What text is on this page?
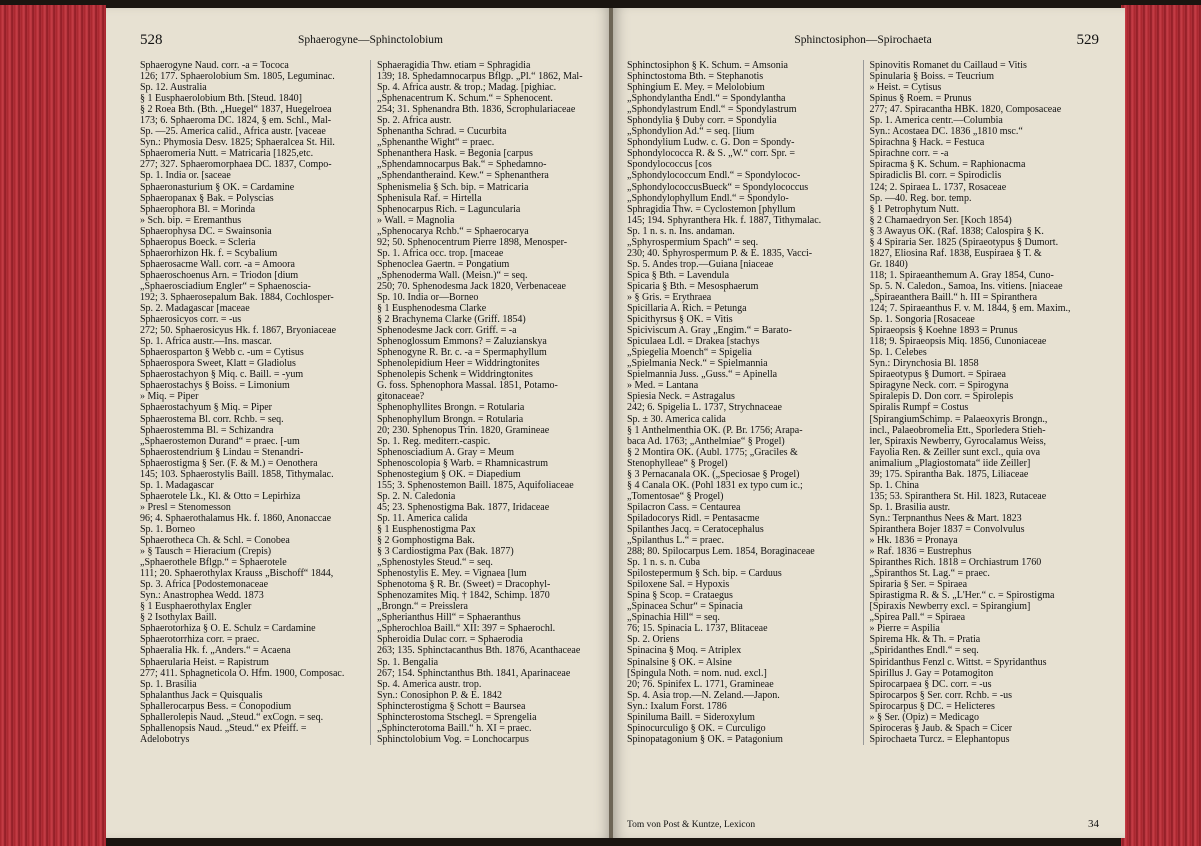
528	Sphaerogyne—Sphinctolobium
Sphaerogyne Naud. corr. -a = Tococa
126; 177. Sphaerolobium Sm. 1805, Leguminac.
Sp. 12. Australia
§ 1 Eusphaerolobium Bth. [Steud. 1840]
§ 2 Roea Bth. (Bth. „Huegel“ 1837, Huegelroea
173; 6. Sphaeroma DC. 1824, § em. Schl., Mal-
Sp. —25. America calid., Africa austr. [vaceae
Syn.: Phymosia Desv. 1825; Sphaeralcea St. Hil.
Sphaeromeria Nutt. = Matricaria [1825,etc.
277; 327. Sphaeromorphaea DC. 1837, Compo-
Sp. 1. India or. [saceae
Sphaeronasturium § OK. = Cardamine
Sphaeropanax § Bak. = Polyscias
Sphaerophora Bl. = Morinda
» Sch. bip. = Eremanthus
Sphaerophysa DC. = Swainsonia
Sphaeropus Boeck. = Scleria
Sphaerorhizon Hk. f. = Scybalium
Sphaerosacme Wall. corr. -a = Amoora
Sphaeroschoenus Arn. = Triodon [dium
„Sphaerosciadium Engler“ = Sphaenoscia-
192; 3. Sphaerosepalum Bak. 1884, Cochlosper-
Sp. 2. Madagascar [maceae
Sphaerosicyos corr. = -us
272; 50. Sphaerosicyus Hk. f. 1867, Bryoniaceae
Sp. 1. Africa austr.—Ins. mascar.
Sphaerosparton § Webb c. -um = Cytisus
Sphaerospora Sweet, Klatt = Gladiolus
Sphaerostachyon § Miq. c. Baill. = -yum
Sphaerostachys § Boiss. = Limonium
» Miq. = Piper
Sphaerostachyum § Miq. = Piper
Sphaerostema Bl. corr. Rchb. = seq.
Sphaerostemma Bl. = Schizandra
„Sphaerostemon Durand“ = praec. [-um
Sphaerostendrium § Lindau = Stenandri-
Sphaerostigma § Ser. (F. & M.) = Oenothera
145; 103. Sphaerostylis Baill. 1858, Tithymalac.
Sp. 1. Madagascar
Sphaerotele Lk., Kl. & Otto = Lepirhiza
» Presl = Stenomesson
96; 4. Sphaerothalamus Hk. f. 1860, Anonaccae
Sp. 1. Borneo
Sphaerotheca Ch. & Schl. = Conobea
» § Tausch = Hieracium (Crepis)
„Sphaerothele Bflgp.“ = Sphaerotele
111; 20. Sphaerothylax Krauss „Bischoff“ 1844,
Sp. 3. Africa [Podostemonaceae
Syn.: Anastrophea Wedd. 1873
§ 1 Eusphaerothylax Engler
§ 2 Isothylax Baill.
Sphaerotorhiza § O. E. Schulz = Cardamine
Sphaerotorrhiza corr. = praec.
Sphaeralia Hk. f. „Anders.“ = Acaena
Sphaerularia Heist. = Rapistrum
277; 411. Sphagneticola O. Hfm. 1900, Composac.
Sp. 1. Brasilia
Sphalanthus Jack = Quisqualis
Sphallerocarpus Bess. = Conopodium
Sphallerolepis Naud. „Steud.“ exCogn. = seq.
Sphallenopsis Naud. „Steud.“ ex Pfeiff. =
Adelobotrys
Sphaeragidia Thw. etiam = Sphragidia
139; 18. Sphedamnocarpus Bflgp. „Pl.“ 1862, Mal-
Sp. 4. Africa austr. & trop.; Madag. [pighiac.
„Sphenacentrum K. Schum.“ = Sphenocent.
254; 31. Sphenandra Bth. 1836, Scrophulariaceae
Sp. 2. Africa austr.
Sphenantha Schrad. = Cucurbita
„Sphenanthe Wight“ = praec.
Sphenanthera Hask. = Begonia [carpus
„Sphendamnocarpus Bak.“ = Sphedamno-
„Sphendantheraind. Kew.“ = Sphenanthera
Sphenismelia § Sch. bip. = Matricaria
Sphenisula Raf. = Hirtella
Sphenocarpus Rich. = Laguncularia
» Wall. = Magnolia
„Sphenocarya Rchb.“ = Sphaerocarya
92; 50. Sphenocentrum Pierre 1898, Menosper-
Sp. 1. Africa occ. trop. [maceae
Sphenoclea Gaertn. = Pongatium
„Sphenoderma Wall. (Meisn.)“ = seq.
250; 70. Sphenodesma Jack 1820, Verbenaceae
Sp. 10. India or—Borneo
§ 1 Eusphenodesma Clarke
§ 2 Brachynema Clarke (Griff. 1854)
Sphenodesme Jack corr. Griff. = -a
Sphenoglossum Emmons? = Zaluzianskya
Sphenogyne R. Br. c. -a = Spermaphyllum
Sphenolepidium Heer = Widdringtonites
Sphenolepis Schenk = Widdringtonites
G. foss. Sphenophora Massal. 1851, Potamo-
gitonaceae?
Sphenophyllites Brongn. = Rotularia
Sphenophyllum Brongn. = Rotularia
20; 230. Sphenopus Trin. 1820, Gramineae
Sp. 1. Reg. mediterr.-caspic.
Sphenosciadium A. Gray = Meum
Sphenoscolopia § Warb. = Rhamnicastrum
Sphenostegium § OK. = Diapedium
155; 3. Sphenostemon Baill. 1875, Aquifoliaceae
Sp. 2. N. Caledonia
45; 23. Sphenostigma Bak. 1877, Iridaceae
Sp. 11. America calida
§ 1 Eusphenostigma Pax
§ 2 Gomphostigma Bak.
§ 3 Cardiostigma Pax (Bak. 1877)
„Sphenostyles Steud.“ = seq.
Sphenostylis E. Mey. = Vignaea [lum
Sphenotoma § R. Br. (Sweet) = Dracophyl-
Sphenozamites Miq. † 1842, Schimp. 1870
„Brongn.“ = Preisslera
„Spherianthus Hill“ = Sphaeranthus
„Spherochloa Baill.“ XII: 397 = Sphaerochl.
Spheroidia Dulac corr. = Sphaerodia
263; 135. Sphinctacanthus Bth. 1876, Acanthaceae
Sp. 1. Bengalia
267; 154. Sphinctanthus Bth. 1841, Aparinaceae
Sp. 4. America austr. trop.
Syn.: Conosiphon P. & E. 1842
Sphincterostigma § Schott = Baursea
Sphincterostoma Stschegl. = Sprengelia
„Sphincterotoma Baill.“ h. XI = praec.
Sphinctolobium Vog. = Lonchocarpus
Sphinctosiphon—Spirochaeta	529
Sphinctosiphon § K. Schum. = Amsonia
Sphinctostoma Bth. = Stephanotis
Sphingium E. Mey. = Melolobium
„Sphondylantha Endl.“ = Spondylantha
„Sphondylastrum Endl.“ = Spondylastrum
Sphondylia § Duby corr. = Spondylia
„Sphondylion Ad.“ = seq. [lium
Sphondylium Ludw. c. G. Don = Spondy-
Sphondylococca R. & S. „W.“ corr. Spr. =
Spondylococcus [cos
„Sphondylococcum Endl.“ = Spondylococ-
„SphondylococcusBueck“ = Spondylococcus
„Sphondylophyllum Endl.“ = Spondylo-
Sphragidia Thw. = Cyclostemon [phyllum
145; 194. Sphyranthera Hk. f. 1887, Tithymalac.
Sp. 1 n. s. n. Ins. andaman.
„Sphyrospermium Spach“ = seq.
230; 40. Sphyrospermum P. & E. 1835, Vacci-
Sp. 5. Andes trop.—Guiana [niaceae
Spica § Bth. = Lavendula
Spicaria § Bth. = Mesosphaerum
» § Gris. = Erythraea
Spicillaria A. Rich. = Petunga
Spicithyrsus § OK. = Vitis
Spiciviscum A. Gray „Engim.“ = Barato-
Spiculaea Ldl. = Drakea [stachys
„Spiegelia Moench“ = Spigelia
„Spielmania Neck.“ = Spielmannia
Spielmannia Juss. „Guss.“ = Apinella
» Med. = Lantana
Spiesia Neck. = Astragalus
242; 6. Spigelia L. 1737, Strychnaceae
Sp. ± 30. America calida
§ 1 Anthelmenthia OK. (P. Br. 1756; Arapa-
baca Ad. 1763; „Anthelmiae“ § Progel)
§ 2 Montira OK. (Aubl. 1775; „Graciles &
Stenophylleae“ § Progel)
§ 3 Pernacanala OK. („Speciosae § Progel)
§ 4 Canala OK. (Pohl 1831 ex typo cum ic.;
„Tomentosae“ § Progel)
Spilacron Cass. = Centaurea
Spiladocorys Ridl. = Pentasacme
Spilanthes Jacq. = Ceratocephalus
„Spilanthus L.“ = praec.
288; 80. Spilocarpus Lem. 1854, Boraginaceae
Sp. 1 n. s. n. Cuba
Spilostepermum § Sch. bip. = Carduus
Spiloxene Sal. = Hypoxis
Spina § Scop. = Crataegus
„Spinacea Schur“ = Spinacia
„Spinachia Hill“ = seq.
76; 15. Spinacia L. 1737, Blitaceae
Sp. 2. Oriens
Spinacina § Moq. = Atriplex
Spinalsine § OK. = Alsine
[Spingula Noth. = nom. nud. excl.]
20; 76. Spinifex L. 1771, Gramineae
Sp. 4. Asia trop.—N. Zeland.—Japon.
Syn.: Ixalum Forst. 1786
Spiniluma Baill. = Sideroxylum
Spinocurculigo § OK. = Curculigo
Spinopatagonium § OK. = Patagonium
Spinovitis Romanet du Caillaud = Vitis
Spinularia § Boiss. = Teucrium
» Heist. = Cytisus
Spinus § Roem. = Prunus
277; 47. Spiracantha HBK. 1820, Composaceae
Sp. 1. America centr.—Columbia
Syn.: Acostaea DC. 1836 „1810 msc.“
Spirachna § Hack. = Festuca
Spirachne corr. = -a
Spiracma § K. Schum. = Raphionacma
Spiradiclis Bl. corr. = Spirodiclis
124; 2. Spiraea L. 1737, Rosaceae
Sp. —40. Reg. bor. temp.
§ 1 Petrophytum Nutt.
§ 2 Chamaedryon Ser. [Koch 1854)
§ 3 Awayus OK. (Raf. 1838; Calospira § K.
§ 4 Spiraria Ser. 1825 (Spiraeotypus § Dumort.
1827, Eliosina Raf. 1838, Euspiraea § T. &
Gr. 1840)
118; 1. Spiraeanthemum A. Gray 1854, Cuno-
Sp. 5. N. Caledon., Samoa, Ins. vitiens. [niaceae
„Spiraeanthera Baill.“ h. III = Spiranthera
124; 7. Spiraeanthus F. v. M. 1844, § em. Maxim.,
Sp. 1. Songoria [Rosaceae
Spiraeopsis § Koehne 1893 = Prunus
118; 9. Spiraeopsis Miq. 1856, Cunoniaceae
Sp. 1. Celebes
Syn.: Dirynchosia Bl. 1858
Spiraeotypus § Dumort. = Spiraea
Spiragyne Neck. corr. = Spirogyna
Spiralepis D. Don corr. = Spirolepis
Spiralis Rumpf = Costus
[SpirangiumSchimp. = Palaeoxyris Brongn.,
incl., Palaeobromelia Ett., Sporledera Stieh-
ler, Spiraxis Newberry, Gyrocalamus Weiss,
Fayolia Ren. & Zeiller sunt excl., quia ova
animalium „Plagiostomata“ iide Zeiller]
39; 175. Spirantha Bak. 1875, Liliaceae
Sp. 1. China
135; 53. Spiranthera St. Hil. 1823, Rutaceae
Sp. 1. Brasilia austr.
Syn.: Terpnanthus Nees & Mart. 1823
Spiranthera Bojer 1837 = Convolvulus
» Hk. 1836 = Pronaya
» Raf. 1836 = Eustrephus
Spiranthes Rich. 1818 = Orchiastrum 1760
„Spiranthos St. Lag.“ = praec.
Spiraria § Ser. = Spiraea
Spirastigma R. & S. „L'Her.“ c. = Spirostigma
[Spiraxis Newberry excl. = Spirangium]
„Spirea Pall.“ = Spiraea
» Pierre = Aspilia
Spirema Hk. & Th. = Pratia
„Spiridanthes Endl.“ = seq.
Spiridanthus Fenzl c. Wittst. = Spyridanthus
Spirillus J. Gay = Potamogiton
Spirocarpaea § DC. corr. = -us
Spirocarpos § Ser. corr. Rchb. = -us
Spirocarpus § DC. = Helicteres
» § Ser. (Opiz) = Medicago
Spiroceras § Jaub. & Spach = Cicer
Spirochaeta Turcz. = Elephantopus
Tom von Post & Kuntze, Lexicon	34
